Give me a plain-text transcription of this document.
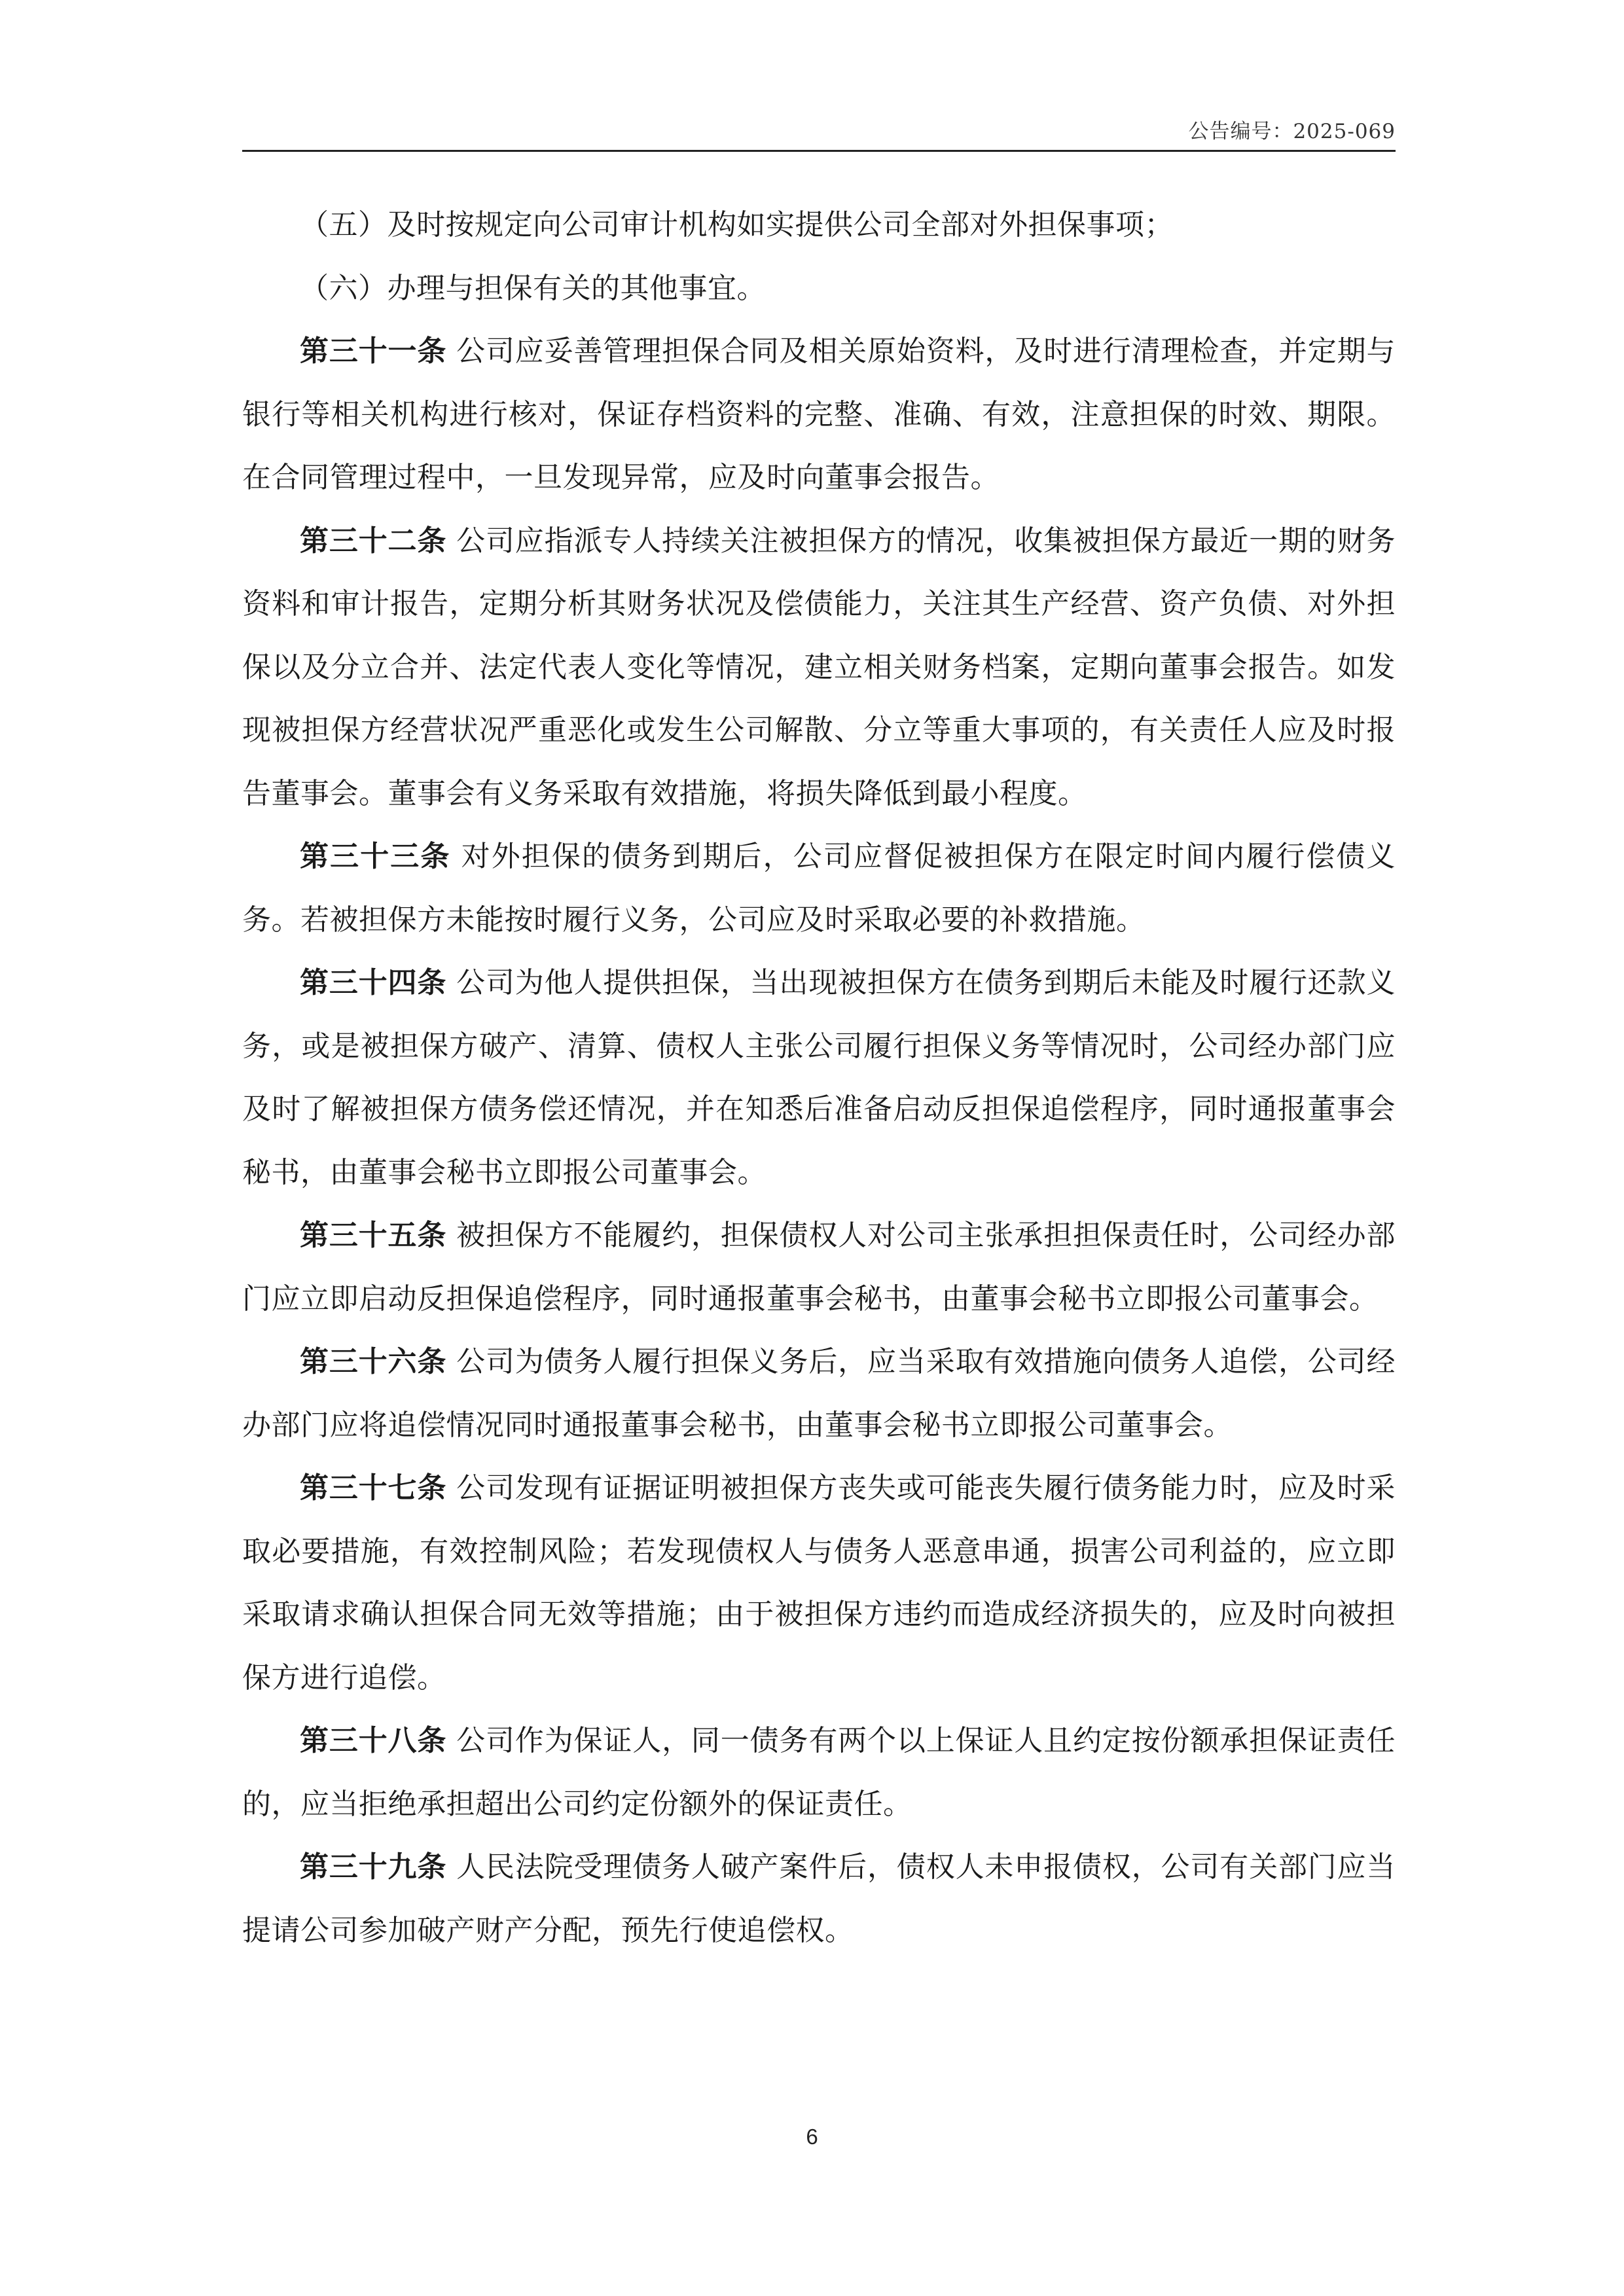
公告编号：2025-069

（五）及时按规定向公司审计机构如实提供公司全部对外担保事项；

（六）办理与担保有关的其他事宜。

第三十一条 公司应妥善管理担保合同及相关原始资料，及时进行清理检查，并定期与银行等相关机构进行核对，保证存档资料的完整、准确、有效，注意担保的时效、期限。在合同管理过程中，一旦发现异常，应及时向董事会报告。

第三十二条 公司应指派专人持续关注被担保方的情况，收集被担保方最近一期的财务资料和审计报告，定期分析其财务状况及偿债能力，关注其生产经营、资产负债、对外担保以及分立合并、法定代表人变化等情况，建立相关财务档案，定期向董事会报告。如发现被担保方经营状况严重恶化或发生公司解散、分立等重大事项的，有关责任人应及时报告董事会。董事会有义务采取有效措施，将损失降低到最小程度。

第三十三条 对外担保的债务到期后，公司应督促被担保方在限定时间内履行偿债义务。若被担保方未能按时履行义务，公司应及时采取必要的补救措施。

第三十四条 公司为他人提供担保，当出现被担保方在债务到期后未能及时履行还款义务，或是被担保方破产、清算、债权人主张公司履行担保义务等情况时，公司经办部门应及时了解被担保方债务偿还情况，并在知悉后准备启动反担保追偿程序，同时通报董事会秘书，由董事会秘书立即报公司董事会。

第三十五条 被担保方不能履约，担保债权人对公司主张承担担保责任时，公司经办部门应立即启动反担保追偿程序，同时通报董事会秘书，由董事会秘书立即报公司董事会。

第三十六条 公司为债务人履行担保义务后，应当采取有效措施向债务人追偿，公司经办部门应将追偿情况同时通报董事会秘书，由董事会秘书立即报公司董事会。

第三十七条 公司发现有证据证明被担保方丧失或可能丧失履行债务能力时，应及时采取必要措施，有效控制风险；若发现债权人与债务人恶意串通，损害公司利益的，应立即采取请求确认担保合同无效等措施；由于被担保方违约而造成经济损失的，应及时向被担保方进行追偿。

第三十八条 公司作为保证人，同一债务有两个以上保证人且约定按份额承担保证责任的，应当拒绝承担超出公司约定份额外的保证责任。

第三十九条 人民法院受理债务人破产案件后，债权人未申报债权，公司有关部门应当提请公司参加破产财产分配，预先行使追偿权。

6
